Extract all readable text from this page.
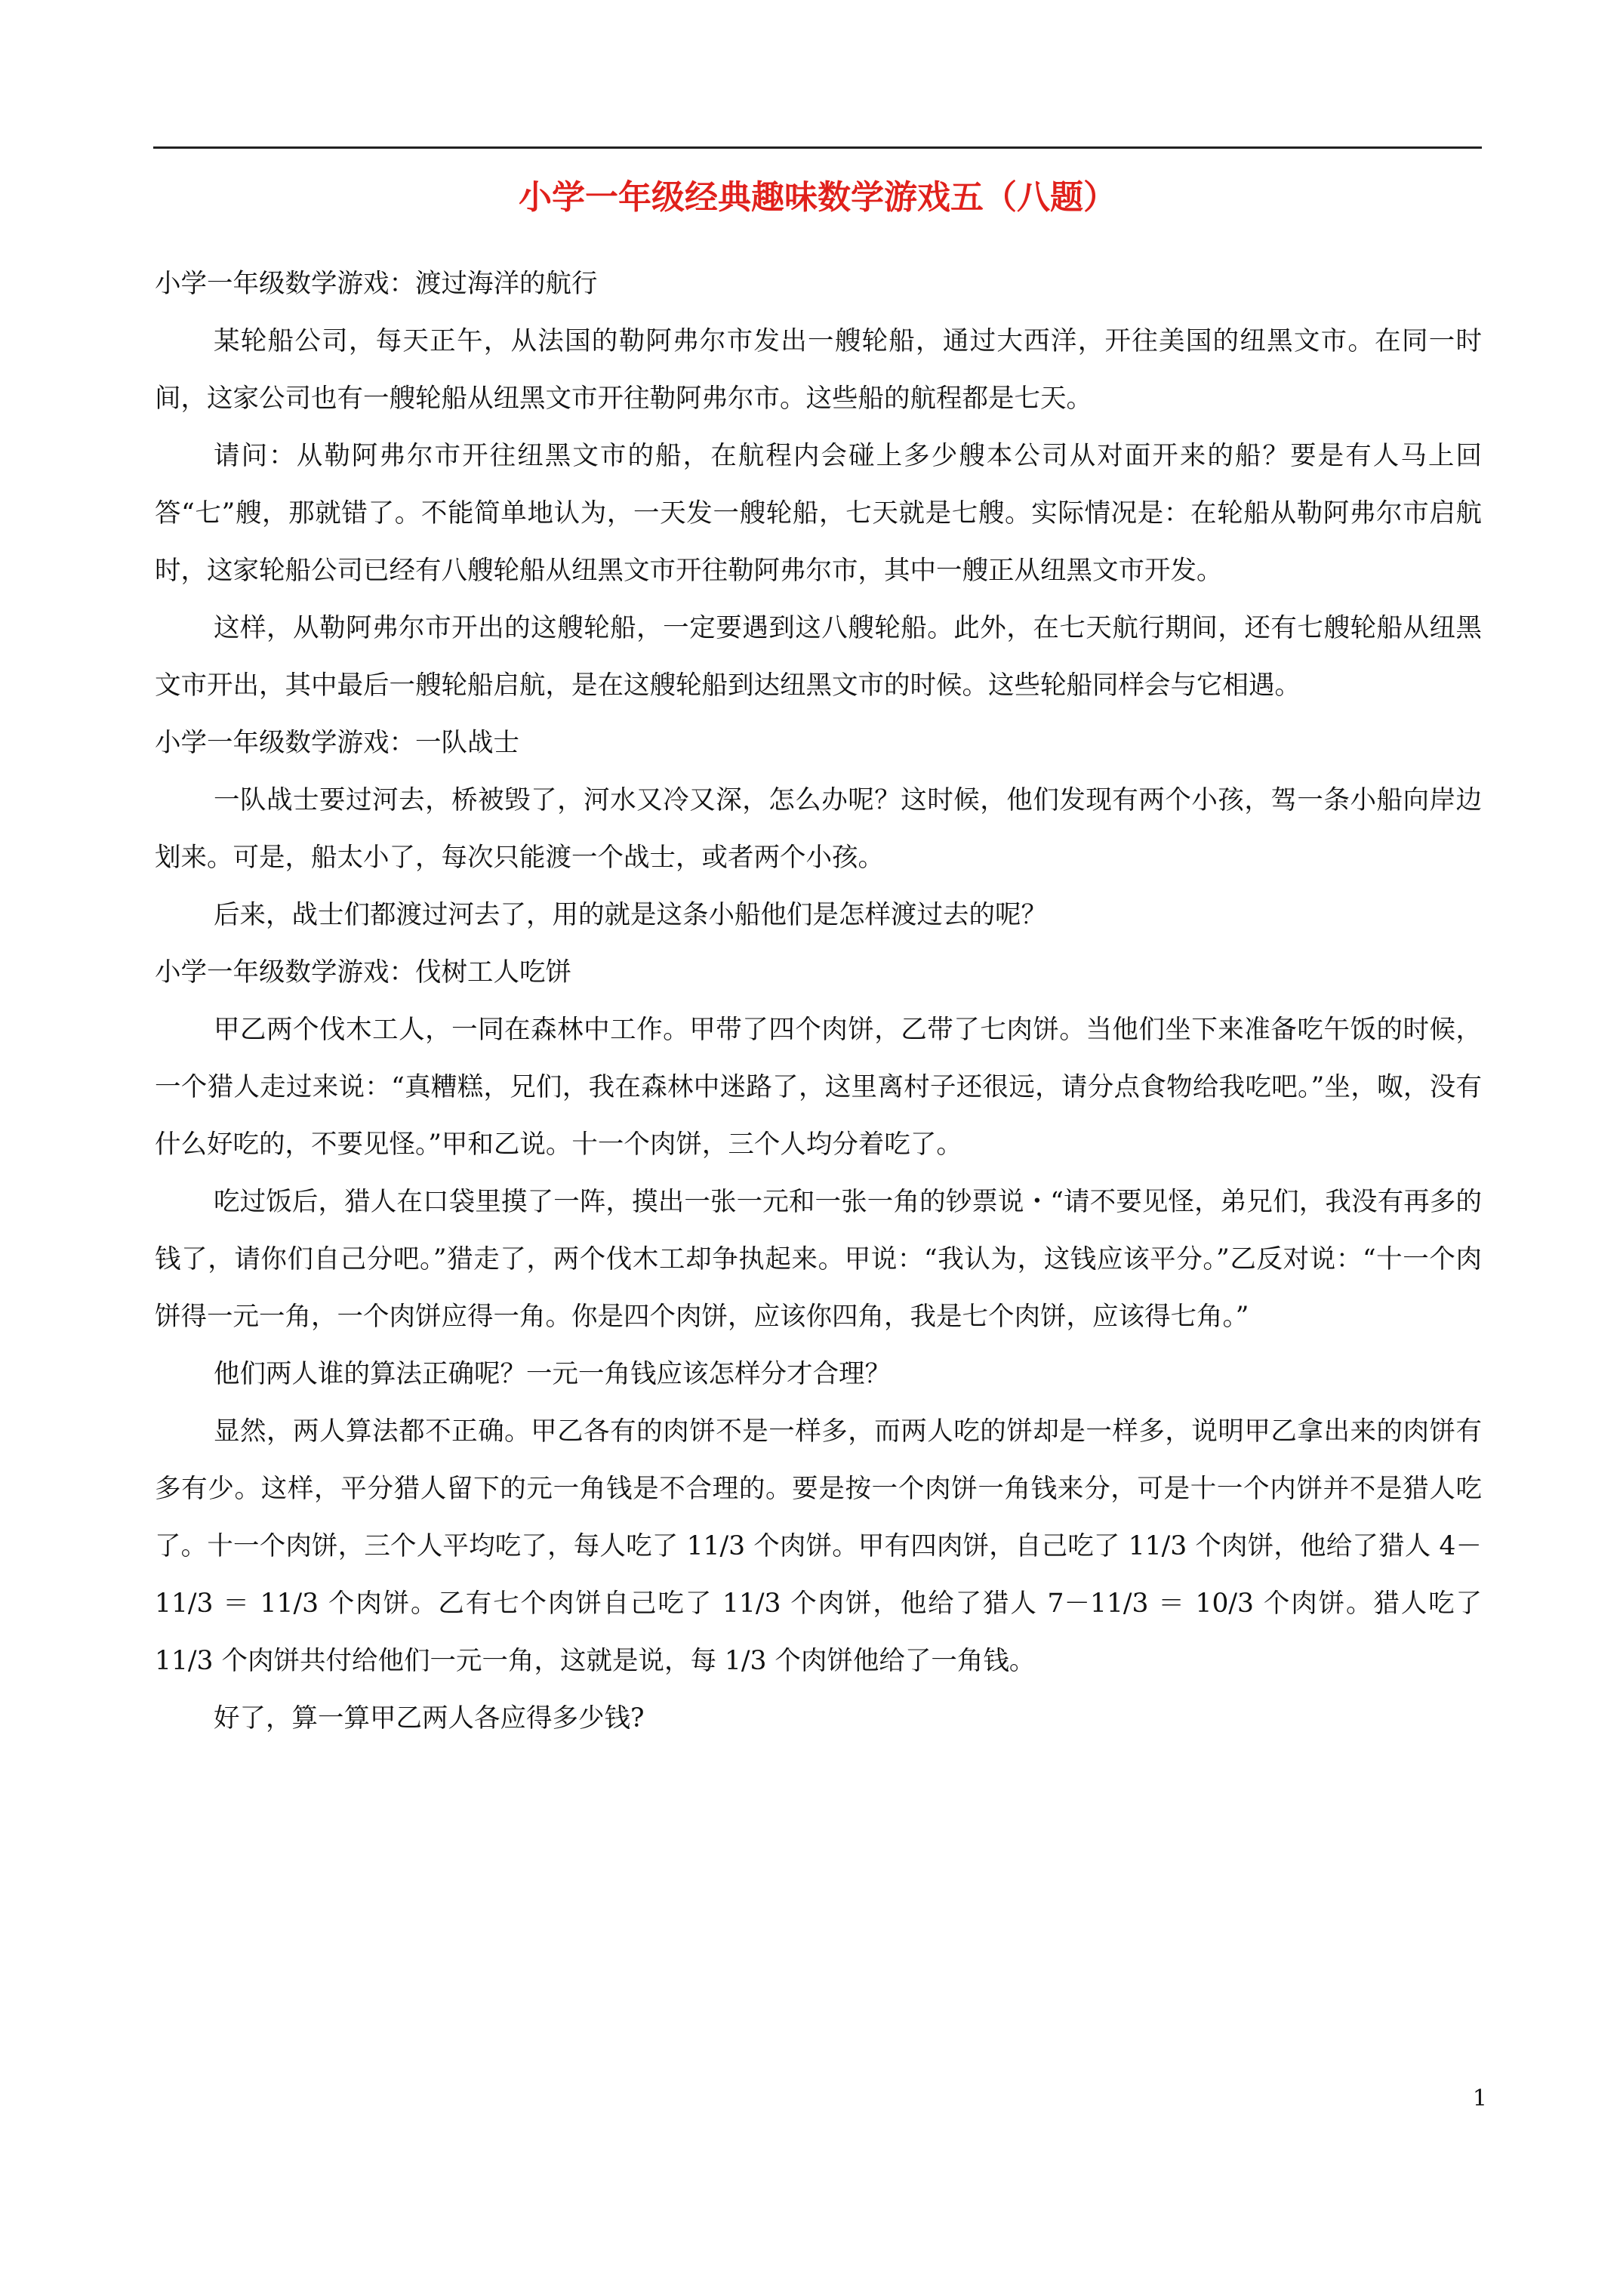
小学一年级经典趣味数学游戏五（八题）

小学一年级数学游戏：渡过海洋的航行

某轮船公司，每天正午，从法国的勒阿弗尔市发出一艘轮船，通过大西洋，开往美国的纽黑文市。在同一时间，这家公司也有一艘轮船从纽黑文市开往勒阿弗尔市。这些船的航程都是七天。

请问：从勒阿弗尔市开往纽黑文市的船，在航程内会碰上多少艘本公司从对面开来的船？要是有人马上回答“七”艘，那就错了。不能简单地认为，一天发一艘轮船，七天就是七艘。实际情况是：在轮船从勒阿弗尔市启航时，这家轮船公司已经有八艘轮船从纽黑文市开往勒阿弗尔市，其中一艘正从纽黑文市开发。

这样，从勒阿弗尔市开出的这艘轮船，一定要遇到这八艘轮船。此外，在七天航行期间，还有七艘轮船从纽黑文市开出，其中最后一艘轮船启航，是在这艘轮船到达纽黑文市的时候。这些轮船同样会与它相遇。

小学一年级数学游戏：一队战士

一队战士要过河去，桥被毁了，河水又冷又深，怎么办呢？这时候，他们发现有两个小孩，驾一条小船向岸边划来。可是，船太小了，每次只能渡一个战士，或者两个小孩。

后来，战士们都渡过河去了，用的就是这条小船他们是怎样渡过去的呢？

小学一年级数学游戏：伐树工人吃饼

甲乙两个伐木工人，一同在森林中工作。甲带了四个肉饼，乙带了七肉饼。当他们坐下来准备吃午饭的时候，一个猎人走过来说：“真糟糕，兄们，我在森林中迷路了，这里离村子还很远，请分点食物给我吃吧。”坐，呶，没有什么好吃的，不要见怪。”甲和乙说。十一个肉饼，三个人均分着吃了。

吃过饭后，猎人在口袋里摸了一阵，摸出一张一元和一张一角的钞票说・“请不要见怪，弟兄们，我没有再多的钱了，请你们自己分吧。”猎走了，两个伐木工却争执起来。甲说：“我认为，这钱应该平分。”乙反对说：“十一个肉饼得一元一角，一个肉饼应得一角。你是四个肉饼，应该你四角，我是七个肉饼，应该得七角。”

他们两人谁的算法正确呢？一元一角钱应该怎样分才合理？

显然，两人算法都不正确。甲乙各有的肉饼不是一样多，而两人吃的饼却是一样多，说明甲乙拿出来的肉饼有多有少。这样，平分猎人留下的元一角钱是不合理的。要是按一个肉饼一角钱来分，可是十一个内饼并不是猎人吃了。十一个肉饼，三个人平均吃了，每人吃了 11/3 个肉饼。甲有四肉饼，自己吃了 11/3 个肉饼，他给了猎人 4－11/3 ＝ 11/3 个肉饼。乙有七个肉饼自己吃了 11/3 个肉饼，他给了猎人 7－11/3 ＝ 10/3 个肉饼。猎人吃了 11/3 个肉饼共付给他们一元一角，这就是说，每 1/3 个肉饼他给了一角钱。

好了，算一算甲乙两人各应得多少钱?

1
